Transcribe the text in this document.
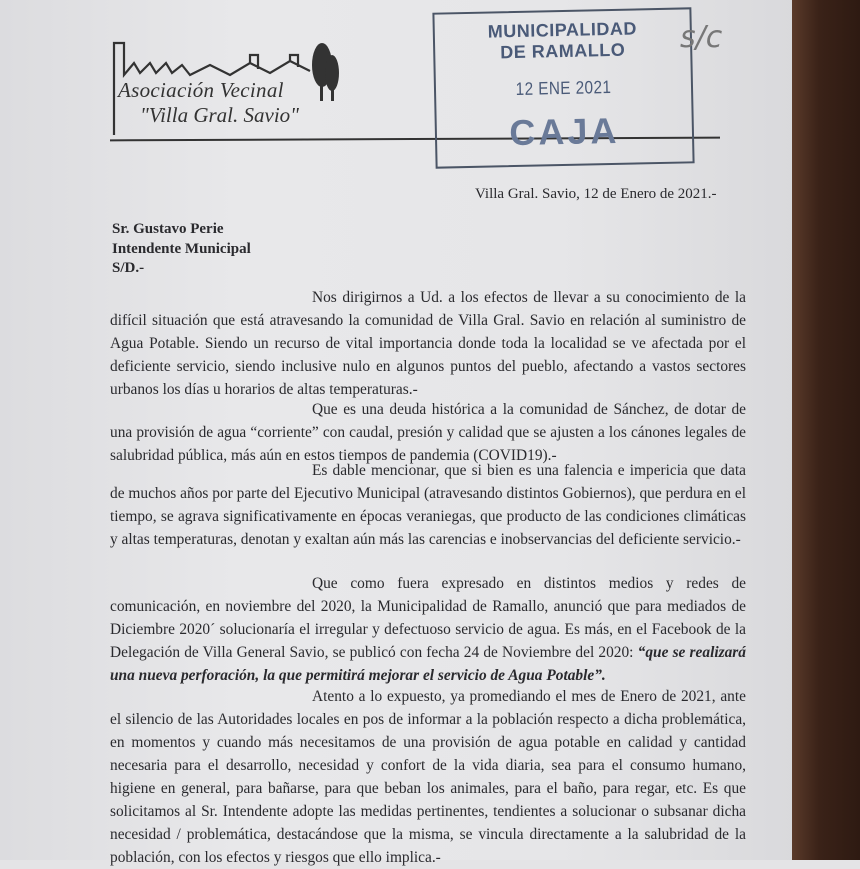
Asociación Vecinal
"Villa Gral. Savio"
MUNICIPALIDAD
DE RAMALLO
12 ENE 2021
CAJA
s/c
Villa Gral. Savio, 12 de Enero de 2021.-
Sr. Gustavo Perie
Intendente Municipal
S/D.-
Nos dirigirnos a Ud. a los efectos de llevar a su conocimiento de la difícil situación que está atravesando la comunidad de Villa Gral. Savio en relación al suministro de Agua Potable. Siendo un recurso de vital importancia donde toda la localidad se ve afectada por el deficiente servicio, siendo inclusive nulo en algunos puntos del pueblo, afectando a vastos sectores urbanos los días u horarios de altas temperaturas.-
Que es una deuda histórica a la comunidad de Sánchez, de dotar de una provisión de agua “corriente” con caudal, presión y calidad que se ajusten a los cánones legales de salubridad pública, más aún en estos tiempos de pandemia (COVID19).-
Es dable mencionar, que si bien es una falencia e impericia que data de muchos años por parte del Ejecutivo Municipal (atravesando distintos Gobiernos), que perdura en el tiempo, se agrava significativamente en épocas veraniegas, que producto de las condiciones climáticas y altas temperaturas, denotan y exaltan aún más las carencias e inobservancias del deficiente servicio.-
Que como fuera expresado en distintos medios y redes de comunicación, en noviembre del 2020, la Municipalidad de Ramallo, anunció que para mediados de Diciembre 2020´ solucionaría el irregular y defectuoso servicio de agua. Es más, en el Facebook de la Delegación de Villa General Savio, se publicó con fecha 24 de Noviembre del 2020: “que se realizará una nueva perforación, la que permitirá mejorar el servicio de Agua Potable”.
Atento a lo expuesto, ya promediando el mes de Enero de 2021, ante el silencio de las Autoridades locales en pos de informar a la población respecto a dicha problemática, en momentos y cuando más necesitamos de una provisión de agua potable en calidad y cantidad necesaria para el desarrollo, necesidad y confort de la vida diaria, sea para el consumo humano, higiene en general, para bañarse, para que beban los animales, para el baño, para regar, etc. Es que solicitamos al Sr. Intendente adopte las medidas pertinentes, tendientes a solucionar o subsanar dicha necesidad / problemática, destacándose que la misma, se vincula directamente a la salubridad de la población, con los efectos y riesgos que ello implica.-
